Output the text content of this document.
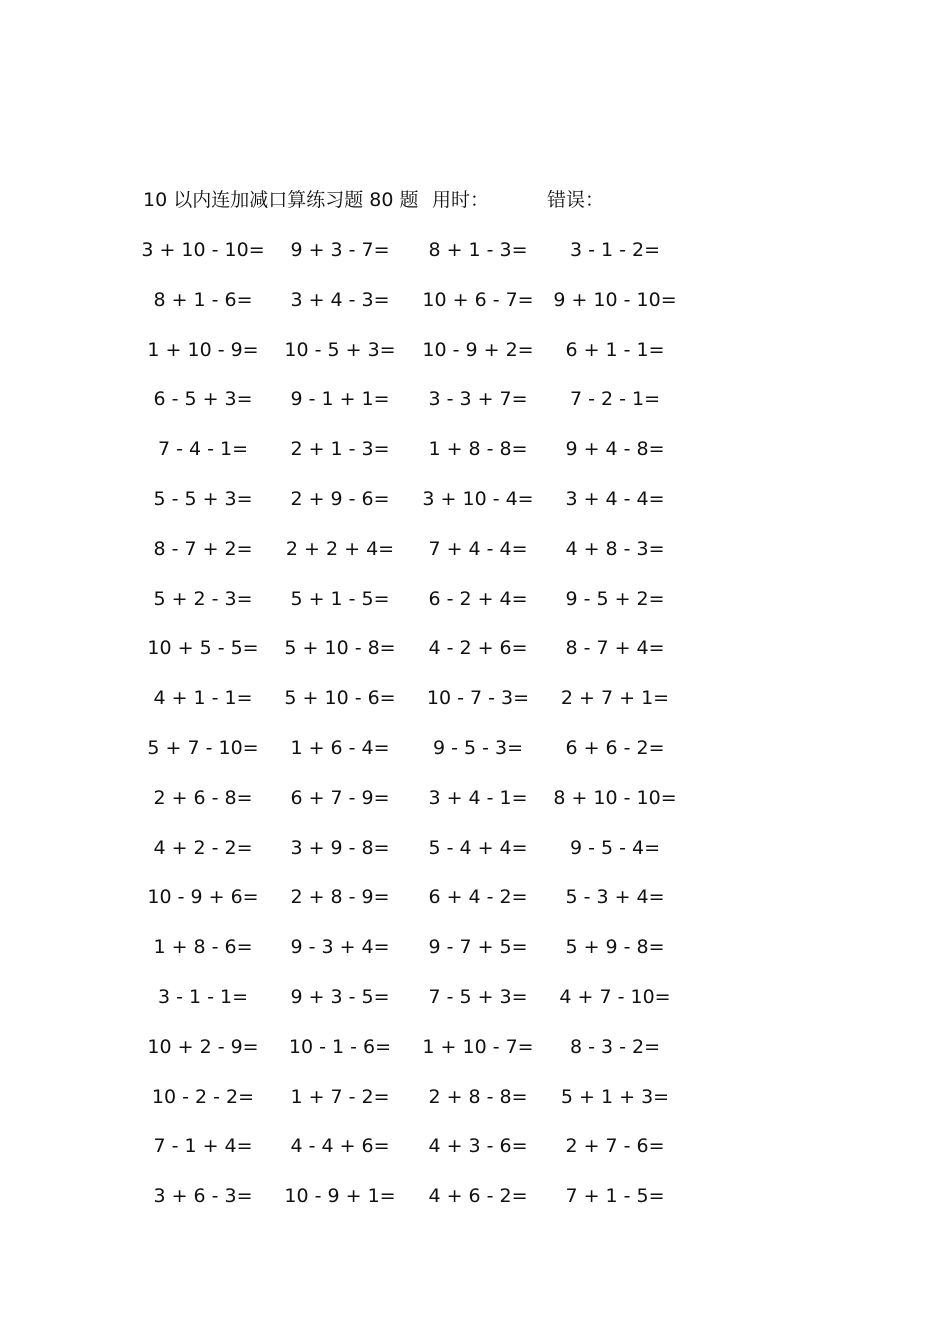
10 以内连加减口算练习题 80 题 用时：	错误：
3 + 10 - 10=	9 + 3 - 7=	8 + 1 - 3=	3 - 1 - 2=
8 + 1 - 6=	3 + 4 - 3=	10 + 6 - 7=	9 + 10 - 10=
1 + 10 - 9=	10 - 5 + 3=	10 - 9 + 2=	6 + 1 - 1=
6 - 5 + 3=	9 - 1 + 1=	3 - 3 + 7=	7 - 2 - 1=
7 - 4 - 1=	2 + 1 - 3=	1 + 8 - 8=	9 + 4 - 8=
5 - 5 + 3=	2 + 9 - 6=	3 + 10 - 4=	3 + 4 - 4=
8 - 7 + 2=	2 + 2 + 4=	7 + 4 - 4=	4 + 8 - 3=
5 + 2 - 3=	5 + 1 - 5=	6 - 2 + 4=	9 - 5 + 2=
10 + 5 - 5=	5 + 10 - 8=	4 - 2 + 6=	8 - 7 + 4=
4 + 1 - 1=	5 + 10 - 6=	10 - 7 - 3=	2 + 7 + 1=
5 + 7 - 10=	1 + 6 - 4=	9 - 5 - 3=	6 + 6 - 2=
2 + 6 - 8=	6 + 7 - 9=	3 + 4 - 1=	8 + 10 - 10=
4 + 2 - 2=	3 + 9 - 8=	5 - 4 + 4=	9 - 5 - 4=
10 - 9 + 6=	2 + 8 - 9=	6 + 4 - 2=	5 - 3 + 4=
1 + 8 - 6=	9 - 3 + 4=	9 - 7 + 5=	5 + 9 - 8=
3 - 1 - 1=	9 + 3 - 5=	7 - 5 + 3=	4 + 7 - 10=
10 + 2 - 9=	10 - 1 - 6=	1 + 10 - 7=	8 - 3 - 2=
10 - 2 - 2=	1 + 7 - 2=	2 + 8 - 8=	5 + 1 + 3=
7 - 1 + 4=	4 - 4 + 6=	4 + 3 - 6=	2 + 7 - 6=
3 + 6 - 3=	10 - 9 + 1=	4 + 6 - 2=	7 + 1 - 5=
